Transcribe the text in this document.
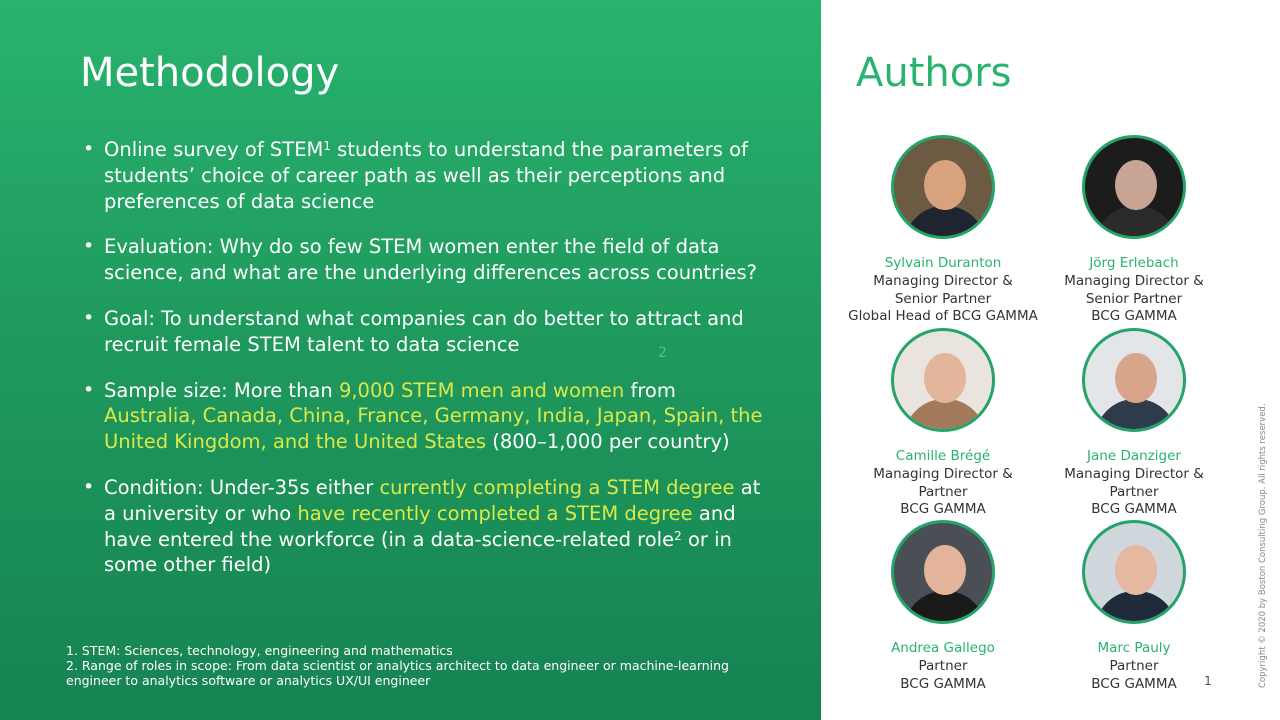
Methodology
• Online survey of STEM$^1$ students to understand the parameters of students’ choice of career path as well as their perceptions and preferences of data science
• Evaluation: Why do so few STEM women enter the field of data science, and what are the underlying differences across countries?
• Goal: To understand what companies can do better to attract and recruit female STEM talent to data science
• Sample size: More than 9,000 STEM men and women from Australia, Canada, China, France, Germany, India, Japan, Spain, the United Kingdom, and the United States (800–1,000 per country)
• Condition: Under-35s either currently completing a STEM degree at a university or who have recently completed a STEM degree and have entered the workforce (in a data-science-related role$^2$ or in some other field)
2
1. STEM: Sciences, technology, engineering and mathematics
2. Range of roles in scope: From data scientist or analytics architect to data engineer or machine-learning engineer to analytics software or analytics UX/UI engineer
Authors
Sylvain Duranton
Managing Director &
Senior Partner
Global Head of BCG GAMMA
Jörg Erlebach
Managing Director &
Senior Partner
BCG GAMMA
Camille Brégé
Managing Director &
Partner
BCG GAMMA
Jane Danziger
Managing Director &
Partner
BCG GAMMA
Andrea Gallego
Partner
BCG GAMMA
Marc Pauly
Partner
BCG GAMMA	1	Copyright © 2020 by Boston Consulting Group. All rights reserved.
